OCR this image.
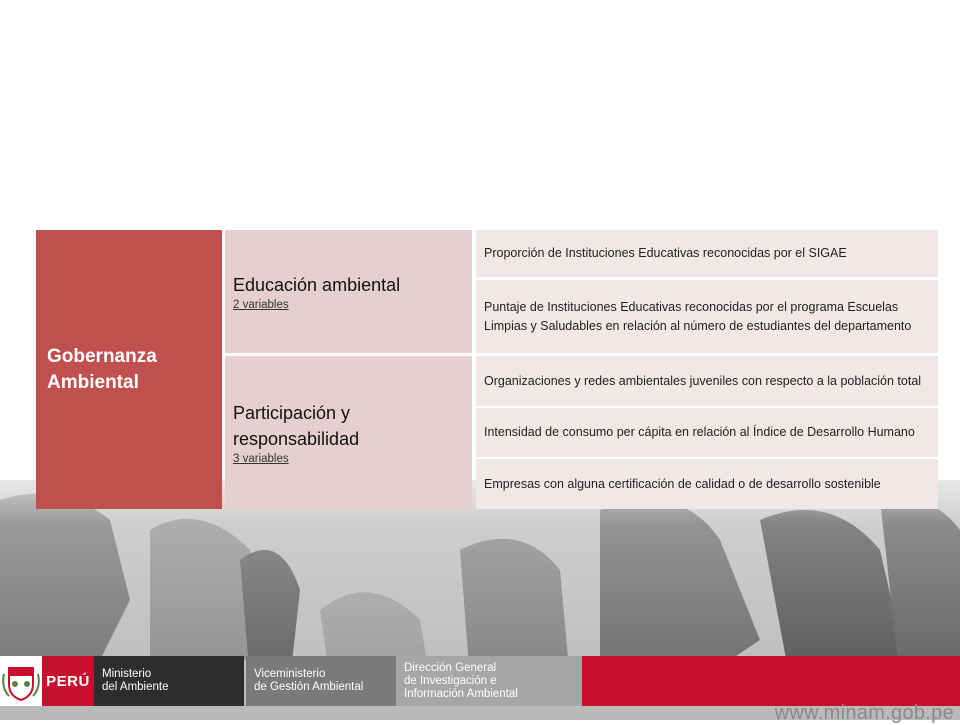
Gobernanza
Ambiental
Educación ambiental
2 variables
Participación y responsabilidad
3 variables
Proporción de Instituciones Educativas reconocidas por el SIGAE
Puntaje de Instituciones Educativas reconocidas por el programa Escuelas Limpias y Saludables en relación al número de estudiantes del departamento
Organizaciones y redes ambientales juveniles con respecto a la población total
Intensidad de consumo per cápita en relación al Índice de Desarrollo Humano
Empresas con alguna certificación de calidad o de desarrollo sostenible
PERÚ	Ministerio
del Ambiente
Viceministerio
de Gestión Ambiental
Dirección General
de Investigación e
Información Ambiental
www.minam.gob.pe
